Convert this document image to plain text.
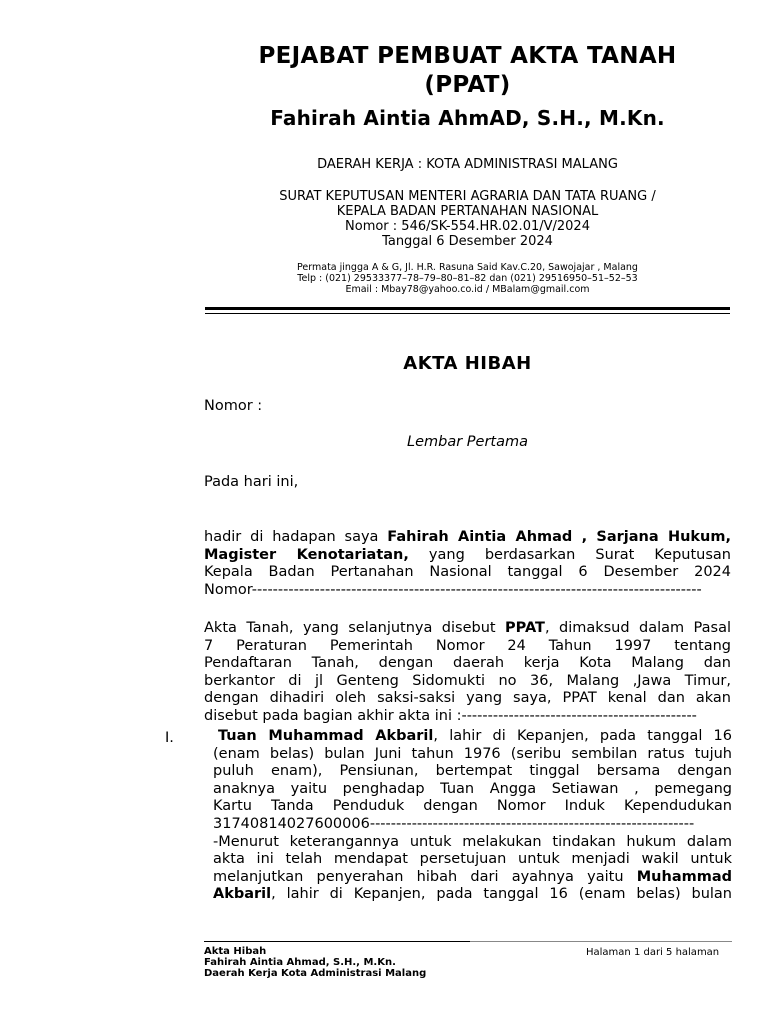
PEJABAT PEMBUAT AKTA TANAH
(PPAT)
Fahirah Aintia AhmAD, S.H., M.Kn.
DAERAH KERJA : KOTA ADMINISTRASI MALANG
SURAT KEPUTUSAN MENTERI AGRARIA DAN TATA RUANG /
KEPALA BADAN PERTANAHAN NASIONAL
Nomor : 546/SK-554.HR.02.01/V/2024
Tanggal 6 Desember 2024
Permata jingga A & G, Jl. H.R. Rasuna Said Kav.C.20, Sawojajar , Malang
Telp : (021) 29533377–78–79–80–81–82 dan (021) 29516950–51–52–53
Email : Mbay78@yahoo.co.id / MBalam@gmail.com
AKTA HIBAH
Nomor :
Lembar Pertama
Pada hari ini,
hadir di hadapan saya Fahirah Aintia Ahmad , Sarjana Hukum,
Magister Kenotariatan, yang berdasarkan Surat Keputusan
Kepala Badan Pertanahan Nasional tanggal 6 Desember 2024
Nomor--------------------------------------------------------------------------------------
Akta Tanah, yang selanjutnya disebut PPAT, dimaksud dalam Pasal
7 Peraturan Pemerintah Nomor 24 Tahun 1997 tentang
Pendaftaran Tanah, dengan daerah kerja Kota Malang dan
berkantor di jl Genteng Sidomukti no 36, Malang ,Jawa Timur,
dengan dihadiri oleh saksi-saksi yang saya, PPAT kenal dan akan
disebut pada bagian akhir akta ini :---------------------------------------------
I.	Tuan Muhammad Akbaril, lahir di Kepanjen, pada tanggal 16
(enam belas) bulan Juni tahun 1976 (seribu sembilan ratus tujuh
puluh enam), Pensiunan, bertempat tinggal bersama dengan
anaknya yaitu penghadap Tuan Angga Setiawan , pemegang
Kartu Tanda Penduduk dengan Nomor Induk Kependudukan
31740814027600006--------------------------------------------------------------
-Menurut keterangannya untuk melakukan tindakan hukum dalam
akta ini telah mendapat persetujuan untuk menjadi wakil untuk
melanjutkan penyerahan hibah dari ayahnya yaitu Muhammad
Akbaril, lahir di Kepanjen, pada tanggal 16 (enam belas) bulan
Akta Hibah
Fahirah Aintia Ahmad, S.H., M.Kn.
Daerah Kerja Kota Administrasi Malang
Halaman 1 dari 5 halaman
